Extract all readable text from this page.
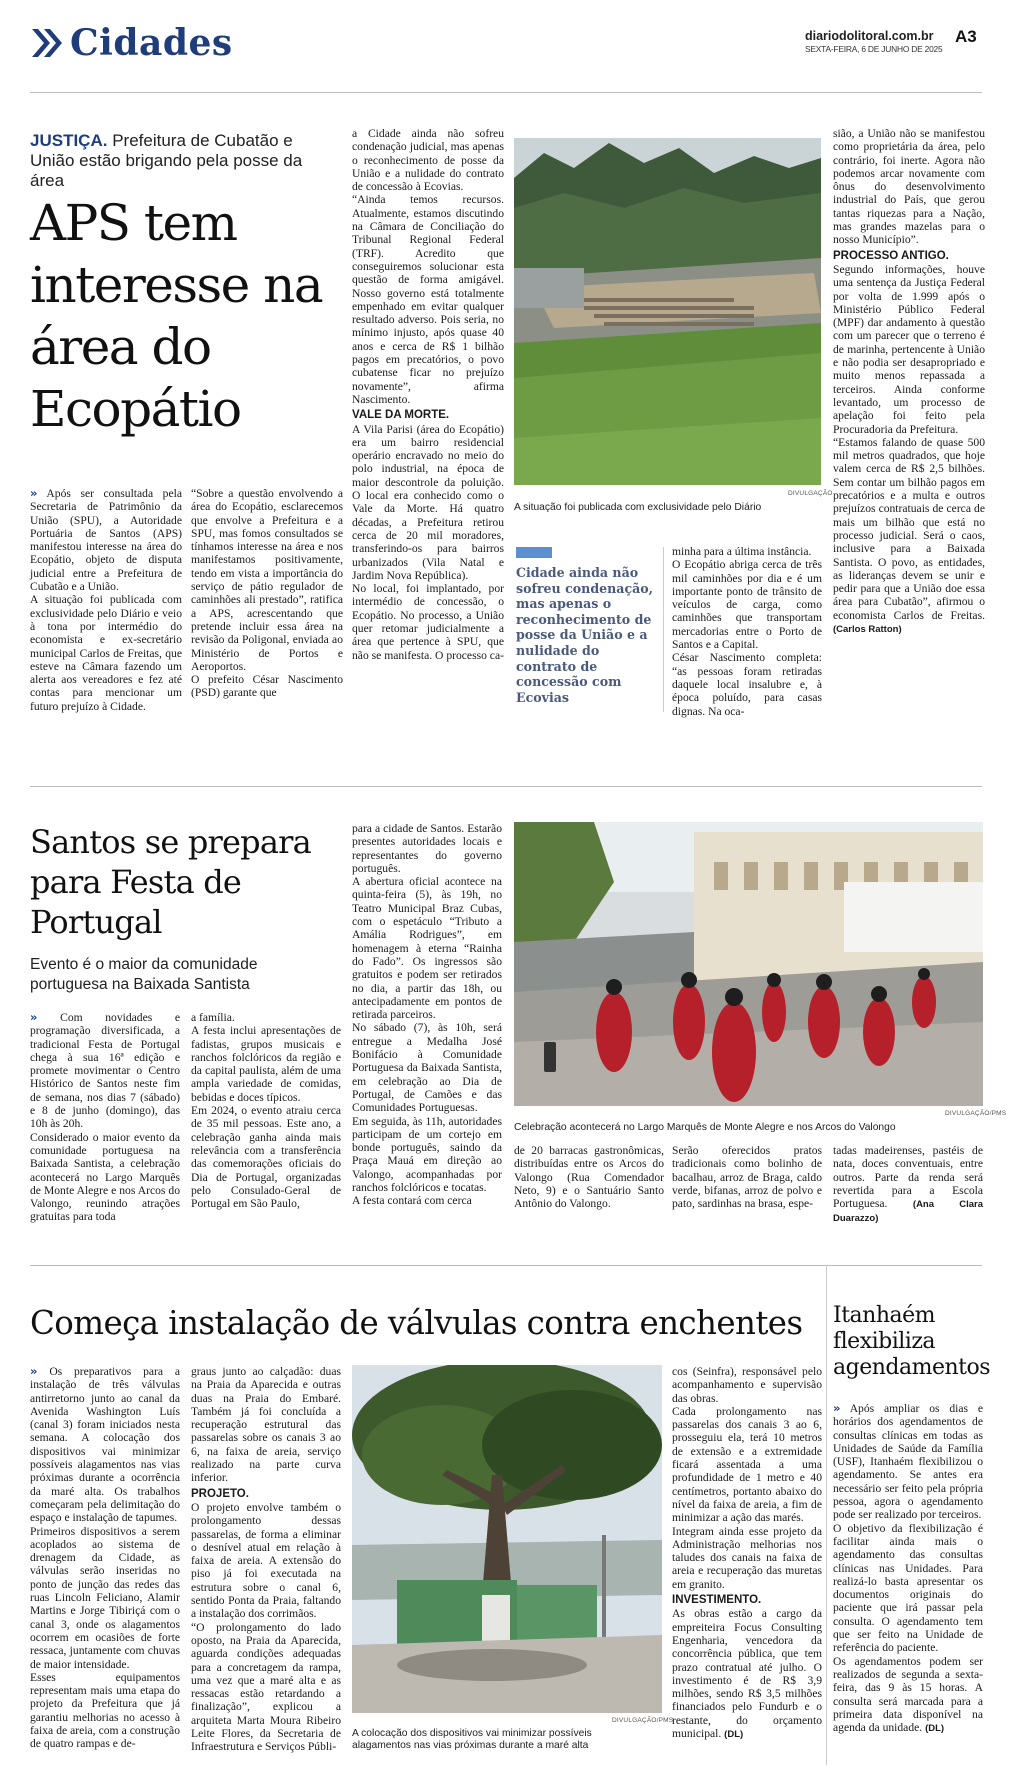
Cidades	diariodolitoral.com.br
SEXTA-FEIRA, 6 DE JUNHO DE 2025
A3
JUSTIÇA. Prefeitura de Cubatão e União estão brigando pela posse da área
APS tem interesse na área do Ecopátio
» Após ser consultada pela Secretaria de Patrimônio da União (SPU), a Autoridade Portuária de Santos (APS) manifestou interesse na área do Ecopátio, objeto de disputa judicial entre a Prefeitura de Cubatão e a União.
A situação foi publicada com exclusividade pelo Diário e veio à tona por intermédio do economista e ex-secretário municipal Carlos de Freitas, que esteve na Câmara fazendo um alerta aos vereadores e fez até contas para mencionar um futuro prejuízo à Cidade.
“Sobre a questão envolvendo a área do Ecopátio, esclarecemos que envolve a Prefeitura e a SPU, mas fomos consultados se tínhamos interesse na área e nos manifestamos positivamente, tendo em vista a importância do serviço de pátio regulador de caminhões ali prestado”, ratifica a APS, acrescentando que pretende incluir essa área na revisão da Poligonal, enviada ao Ministério de Portos e Aeroportos.
O prefeito César Nascimento (PSD) garante que
a Cidade ainda não sofreu condenação judicial, mas apenas o reconhecimento de posse da União e a nulidade do contrato de concessão à Ecovias.
“Ainda temos recursos. Atualmente, estamos discutindo na Câmara de Conciliação do Tribunal Regional Federal (TRF). Acredito que conseguiremos solucionar esta questão de forma amigável. Nosso governo está totalmente empenhado em evitar qualquer resultado adverso. Pois seria, no mínimo injusto, após quase 40 anos e cerca de R$ 1 bilhão pagos em precatórios, o povo cubatense ficar no prejuízo novamente”, afirma Nascimento.
VALE DA MORTE.
A Vila Parisi (área do Ecopátio) era um bairro residencial operário encravado no meio do polo industrial, na época de maior descontrole da poluição. O local era conhecido como o Vale da Morte. Há quatro décadas, a Prefeitura retirou cerca de 20 mil moradores, transferindo-os para bairros urbanizados (Vila Natal e Jardim Nova República).
No local, foi implantado, por intermédio de concessão, o Ecopátio. No processo, a União quer retomar judicialmente a área que pertence à SPU, que não se manifesta. O processo ca-
DIVULGAÇÃO
A situação foi publicada com exclusividade pelo Diário
Cidade ainda não sofreu condenação, mas apenas o reconhecimento de posse da União e a nulidade do contrato de concessão com Ecovias
minha para a última instância.
O Ecopátio abriga cerca de três mil caminhões por dia e é um importante ponto de trânsito de veículos de carga, como caminhões que transportam mercadorias entre o Porto de Santos e a Capital.
César Nascimento completa: “as pessoas foram retiradas daquele local insalubre e, à época poluído, para casas dignas. Na oca-
sião, a União não se manifestou como proprietária da área, pelo contrário, foi inerte. Agora não podemos arcar novamente com ônus do desenvolvimento industrial do País, que gerou tantas riquezas para a Nação, mas grandes mazelas para o nosso Município”.
PROCESSO ANTIGO.
Segundo informações, houve uma sentença da Justiça Federal por volta de 1.999 após o Ministério Público Federal (MPF) dar andamento à questão com um parecer que o terreno é de marinha, pertencente à União e não podia ser desapropriado e muito menos repassada a terceiros. Ainda conforme levantado, um processo de apelação foi feito pela Procuradoria da Prefeitura.
“Estamos falando de quase 500 mil metros quadrados, que hoje valem cerca de R$ 2,5 bilhões. Sem contar um bilhão pagos em precatórios e a multa e outros prejuízos contratuais de cerca de mais um bilhão que está no processo judicial. Será o caos, inclusive para a Baixada Santista. O povo, as entidades, as lideranças devem se unir e pedir para que a União doe essa área para Cubatão”, afirmou o economista Carlos de Freitas. (Carlos Ratton)
Santos se prepara para Festa de Portugal
Evento é o maior da comunidade portuguesa na Baixada Santista
» Com novidades e programação diversificada, a tradicional Festa de Portugal chega à sua 16ª edição e promete movimentar o Centro Histórico de Santos neste fim de semana, nos dias 7 (sábado) e 8 de junho (domingo), das 10h às 20h.
Considerado o maior evento da comunidade portuguesa na Baixada Santista, a celebração acontecerá no Largo Marquês de Monte Alegre e nos Arcos do Valongo, reunindo atrações gratuitas para toda
a família.
A festa inclui apresentações de fadistas, grupos musicais e ranchos folclóricos da região e da capital paulista, além de uma ampla variedade de comidas, bebidas e doces típicos.
Em 2024, o evento atraiu cerca de 35 mil pessoas. Este ano, a celebração ganha ainda mais relevância com a transferência das comemorações oficiais do Dia de Portugal, organizadas pelo Consulado-Geral de Portugal em São Paulo,
para a cidade de Santos. Estarão presentes autoridades locais e representantes do governo português.
A abertura oficial acontece na quinta-feira (5), às 19h, no Teatro Municipal Braz Cubas, com o espetáculo “Tributo a Amália Rodrigues”, em homenagem à eterna “Rainha do Fado”. Os ingressos são gratuitos e podem ser retirados no dia, a partir das 18h, ou antecipadamente em pontos de retirada parceiros.
No sábado (7), às 10h, será entregue a Medalha José Bonifácio à Comunidade Portuguesa da Baixada Santista, em celebração ao Dia de Portugal, de Camões e das Comunidades Portuguesas.
Em seguida, às 11h, autoridades participam de um cortejo em bonde português, saindo da Praça Mauá em direção ao Valongo, acompanhadas por ranchos folclóricos e tocatas.
A festa contará com cerca
DIVULGAÇÃO/PMS
Celebração acontecerá no Largo Marquês de Monte Alegre e nos Arcos do Valongo
de 20 barracas gastronômicas, distribuídas entre os Arcos do Valongo (Rua Comendador Neto, 9) e o Santuário Santo Antônio do Valongo.
Serão oferecidos pratos tradicionais como bolinho de bacalhau, arroz de Braga, caldo verde, bifanas, arroz de polvo e pato, sardinhas na brasa, espe-
tadas madeirenses, pastéis de nata, doces conventuais, entre outros. Parte da renda será revertida para a Escola Portuguesa.	(Ana Clara Duarazzo)
Começa instalação de válvulas contra enchentes
» Os preparativos para a instalação de três válvulas antirretorno junto ao canal da Avenida Washington Luís (canal 3) foram iniciados nesta semana. A colocação dos dispositivos vai minimizar possíveis alagamentos nas vias próximas durante a ocorrência da maré alta. Os trabalhos começaram pela delimitação do espaço e instalação de tapumes.
Primeiros dispositivos a serem acoplados ao sistema de drenagem da Cidade, as válvulas serão inseridas no ponto de junção das redes das ruas Lincoln Feliciano, Alamir Martins e Jorge Tibiriçá com o canal 3, onde os alagamentos ocorrem em ocasiões de forte ressaca, juntamente com chuvas de maior intensidade.
Esses equipamentos representam mais uma etapa do projeto da Prefeitura que já garantiu melhorias no acesso à faixa de areia, com a construção de quatro rampas e de-
graus junto ao calçadão: duas na Praia da Aparecida e outras duas na Praia do Embaré. Também já foi concluída a recuperação estrutural das passarelas sobre os canais 3 ao 6, na faixa de areia, serviço realizado na parte curva inferior.
PROJETO.
O projeto envolve também o prolongamento dessas passarelas, de forma a eliminar o desnível atual em relação à faixa de areia. A extensão do piso já foi executada na estrutura sobre o canal 6, sentido Ponta da Praia, faltando a instalação dos corrimãos.
“O prolongamento do lado oposto, na Praia da Aparecida, aguarda condições adequadas para a concretagem da rampa, uma vez que a maré alta e as ressacas estão retardando a finalização”, explicou a arquiteta Marta Moura Ribeiro Leite Flores, da Secretaria de Infraestrutura e Serviços Públi-
DIVULGAÇÃO/PMS
A colocação dos dispositivos vai minimizar possíveis alagamentos nas vias próximas durante a maré alta
cos (Seinfra), responsável pelo acompanhamento e supervisão das obras.
Cada prolongamento nas passarelas dos canais 3 ao 6, prosseguiu ela, terá 10 metros de extensão e a extremidade ficará assentada a uma profundidade de 1 metro e 40 centímetros, portanto abaixo do nível da faixa de areia, a fim de minimizar a ação das marés.
Integram ainda esse projeto da Administração melhorias nos taludes dos canais na faixa de areia e recuperação das muretas em granito.
INVESTIMENTO.
As obras estão a cargo da empreiteira Focus Consulting Engenharia, vencedora da concorrência pública, que tem prazo contratual até julho. O investimento é de R$ 3,9 milhões, sendo R$ 3,5 milhões financiados pelo Fundurb e o restante, do orçamento municipal. (DL)
Itanhaém flexibiliza agendamentos
» Após ampliar os dias e horários dos agendamentos de consultas clínicas em todas as Unidades de Saúde da Família (USF), Itanhaém flexibilizou o agendamento. Se antes era necessário ser feito pela própria pessoa, agora o agendamento pode ser realizado por terceiros.
O objetivo da flexibilização é facilitar ainda mais o agendamento das consultas clínicas nas Unidades. Para realizá-lo basta apresentar os documentos originais do paciente que irá passar pela consulta. O agendamento tem que ser feito na Unidade de referência do paciente.
Os agendamentos podem ser realizados de segunda a sexta-feira, das 9 às 15 horas. A consulta será marcada para a primeira data disponível na agenda da unidade. (DL)
